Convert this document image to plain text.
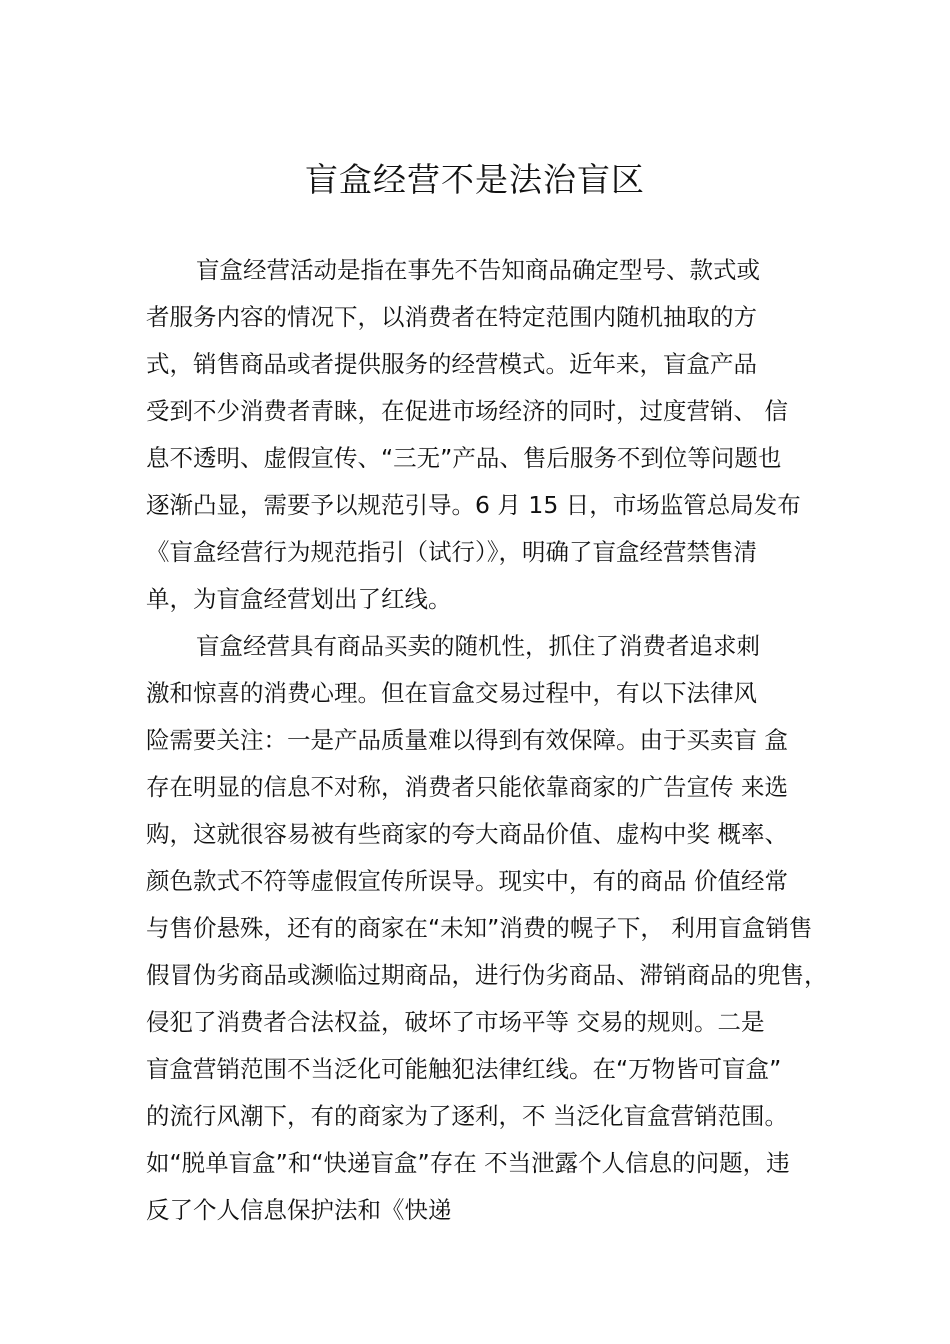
盲盒经营不是法治盲区
盲盒经营活动是指在事先不告知商品确定型号、款式或
者服务内容的情况下，以消费者在特定范围内随机抽取的方
式，销售商品或者提供服务的经营模式。近年来，盲盒产品
受到不少消费者青睐，在促进市场经济的同时，过度营销、 信
息不透明、虚假宣传、“三无”产品、售后服务不到位等问题也
逐渐凸显，需要予以规范引导。6 月 15 日，市场监管总局发布
《盲盒经营行为规范指引（试行）》，明确了盲盒经营禁售清
单，为盲盒经营划出了红线。
盲盒经营具有商品买卖的随机性，抓住了消费者追求刺
激和惊喜的消费心理。但在盲盒交易过程中，有以下法律风
险需要关注：一是产品质量难以得到有效保障。由于买卖盲 盒
存在明显的信息不对称，消费者只能依靠商家的广告宣传 来选
购，这就很容易被有些商家的夸大商品价值、虚构中奖 概率、
颜色款式不符等虚假宣传所误导。现实中，有的商品 价值经常
与售价悬殊，还有的商家在“未知”消费的幌子下， 利用盲盒销售
假冒伪劣商品或濒临过期商品，进行伪劣商品、滞销商品的兜售，
侵犯了消费者合法权益，破坏了市场平等 交易的规则。二是
盲盒营销范围不当泛化可能触犯法律红线。在“万物皆可盲盒”
的流行风潮下，有的商家为了逐利，不 当泛化盲盒营销范围。
如“脱单盲盒”和“快递盲盒”存在 不当泄露个人信息的问题，违
反了个人信息保护法和《快递
